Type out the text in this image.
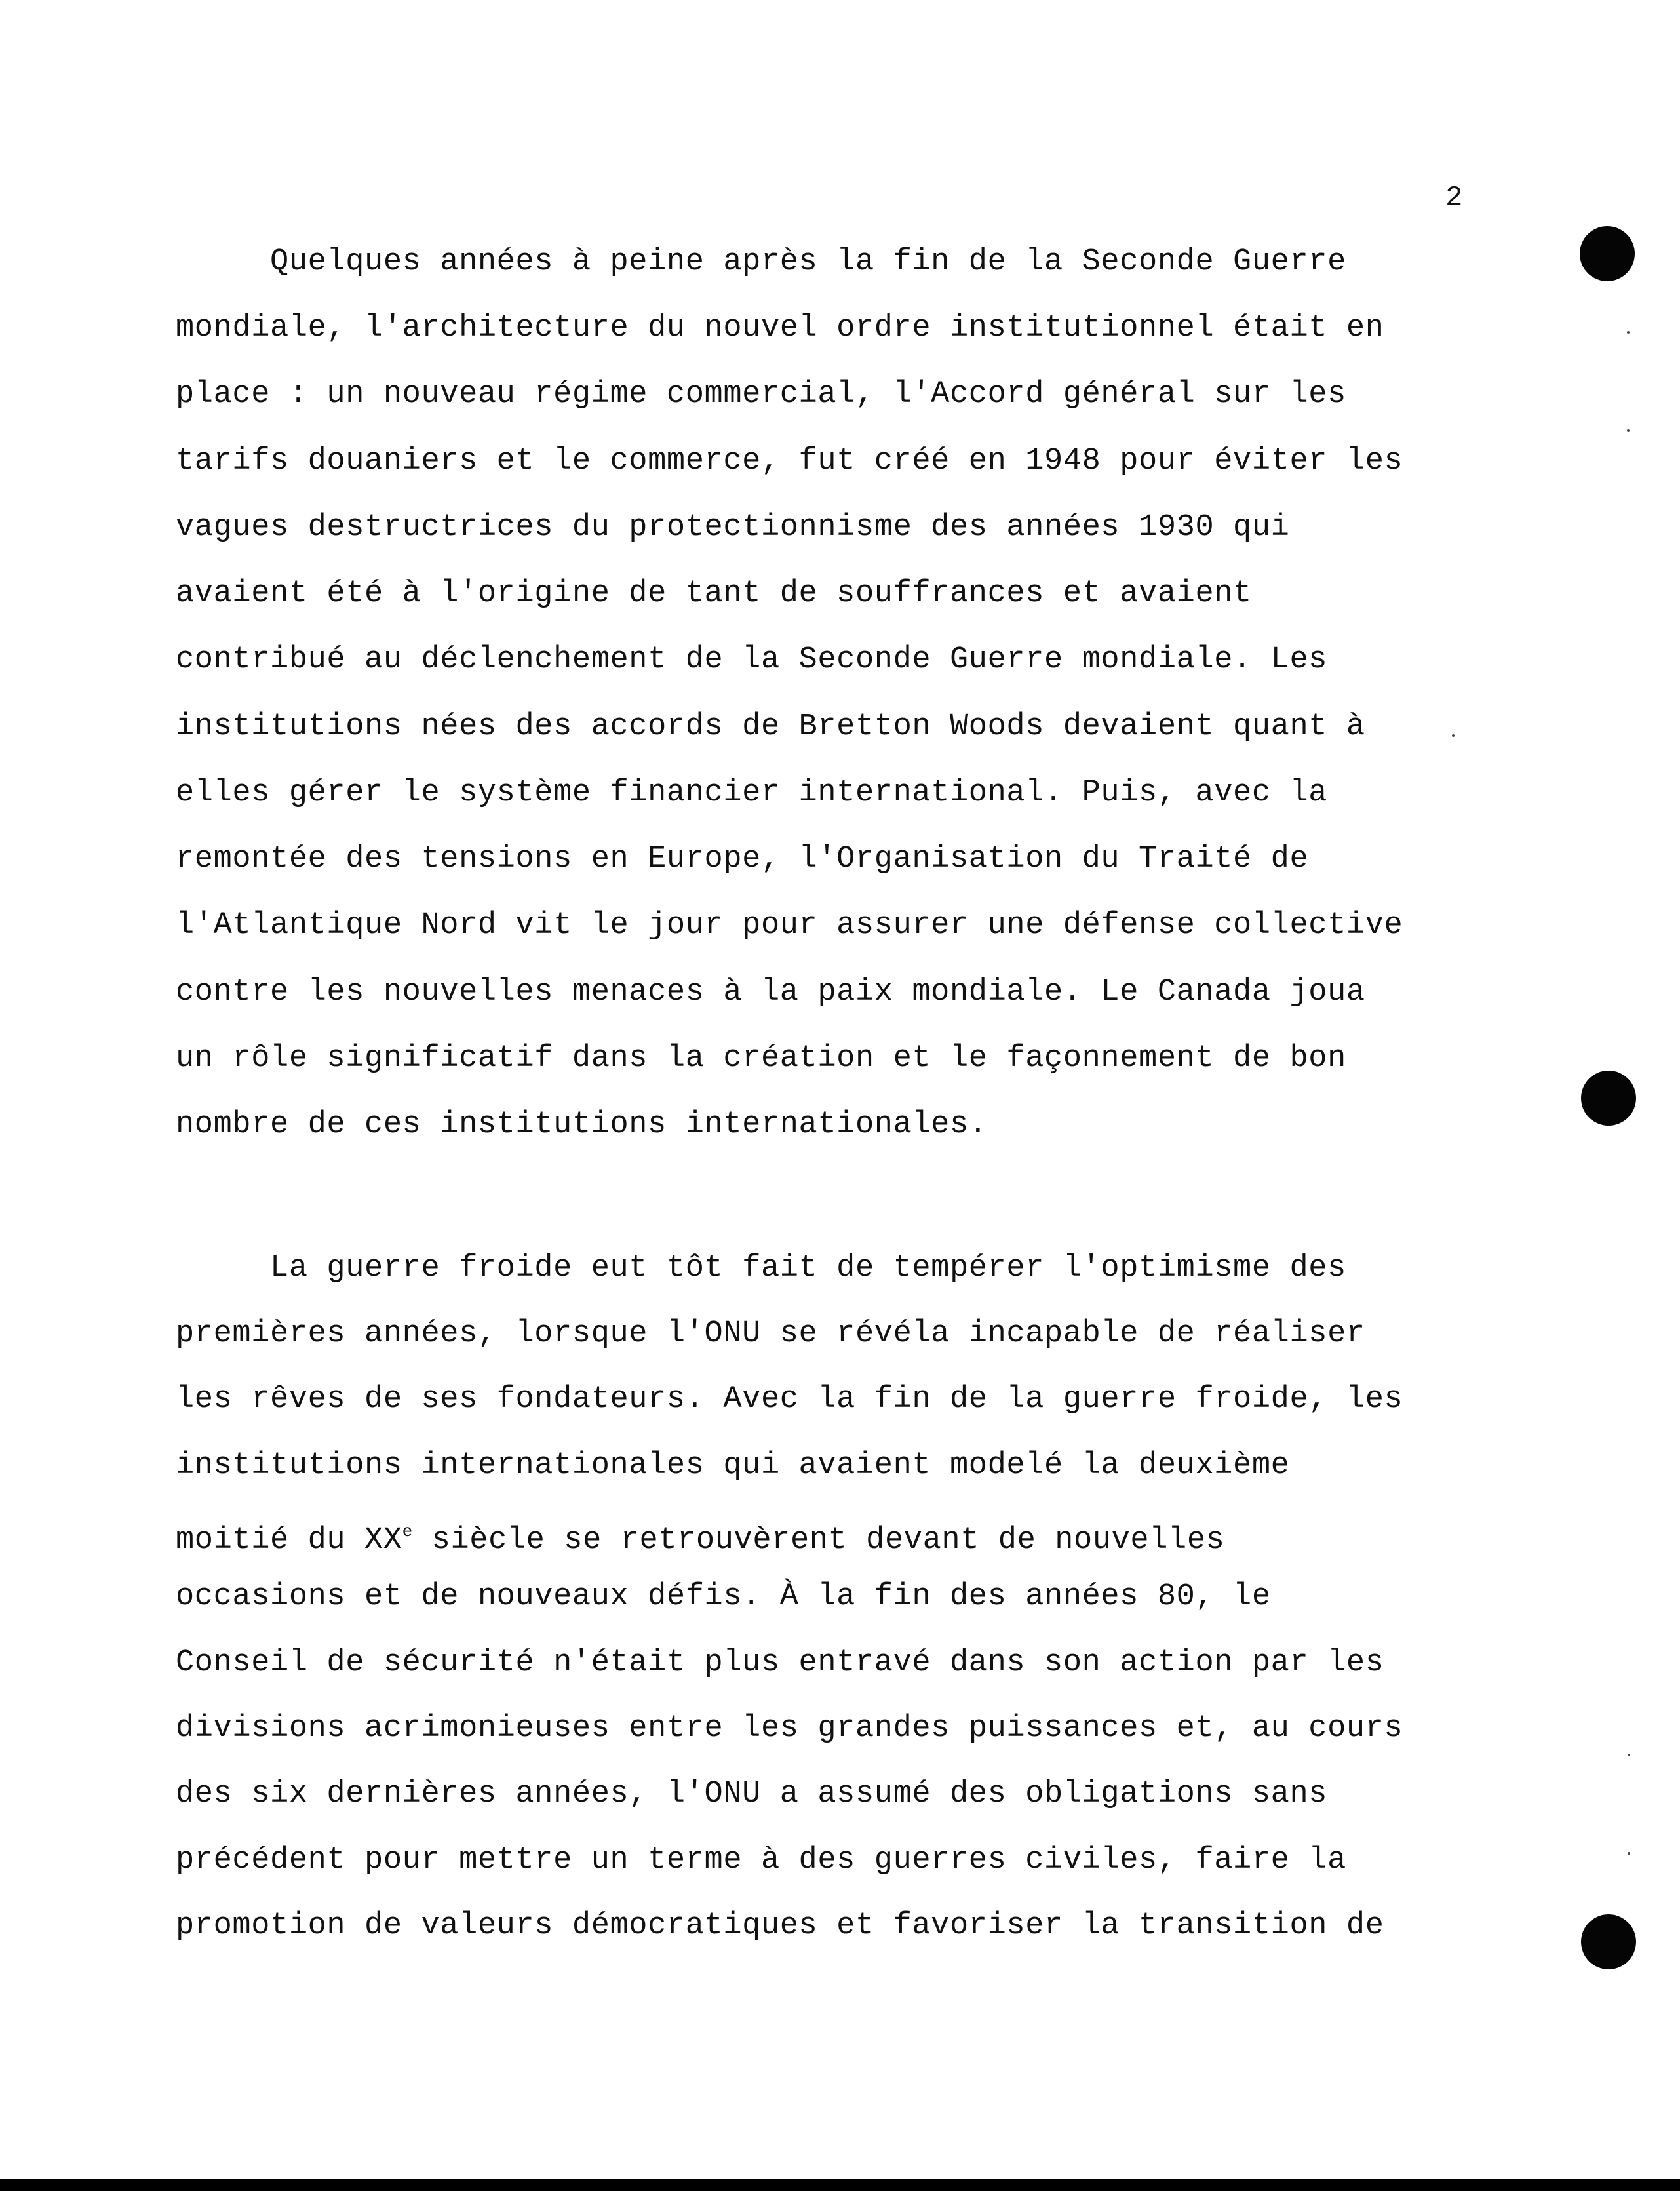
2
Quelques années à peine après la fin de la Seconde Guerre
mondiale, l'architecture du nouvel ordre institutionnel était en
place : un nouveau régime commercial, l'Accord général sur les
tarifs douaniers et le commerce, fut créé en 1948 pour éviter les
vagues destructrices du protectionnisme des années 1930 qui
avaient été à l'origine de tant de souffrances et avaient
contribué au déclenchement de la Seconde Guerre mondiale. Les
institutions nées des accords de Bretton Woods devaient quant à
elles gérer le système financier international. Puis, avec la
remontée des tensions en Europe, l'Organisation du Traité de
l'Atlantique Nord vit le jour pour assurer une défense collective
contre les nouvelles menaces à la paix mondiale. Le Canada joua
un rôle significatif dans la création et le façonnement de bon
nombre de ces institutions internationales.
La guerre froide eut tôt fait de tempérer l'optimisme des
premières années, lorsque l'ONU se révéla incapable de réaliser
les rêves de ses fondateurs. Avec la fin de la guerre froide, les
institutions internationales qui avaient modelé la deuxième
moitié du XXe siècle se retrouvèrent devant de nouvelles
occasions et de nouveaux défis. À la fin des années 80, le
Conseil de sécurité n'était plus entravé dans son action par les
divisions acrimonieuses entre les grandes puissances et, au cours
des six dernières années, l'ONU a assumé des obligations sans
précédent pour mettre un terme à des guerres civiles, faire la
promotion de valeurs démocratiques et favoriser la transition de
